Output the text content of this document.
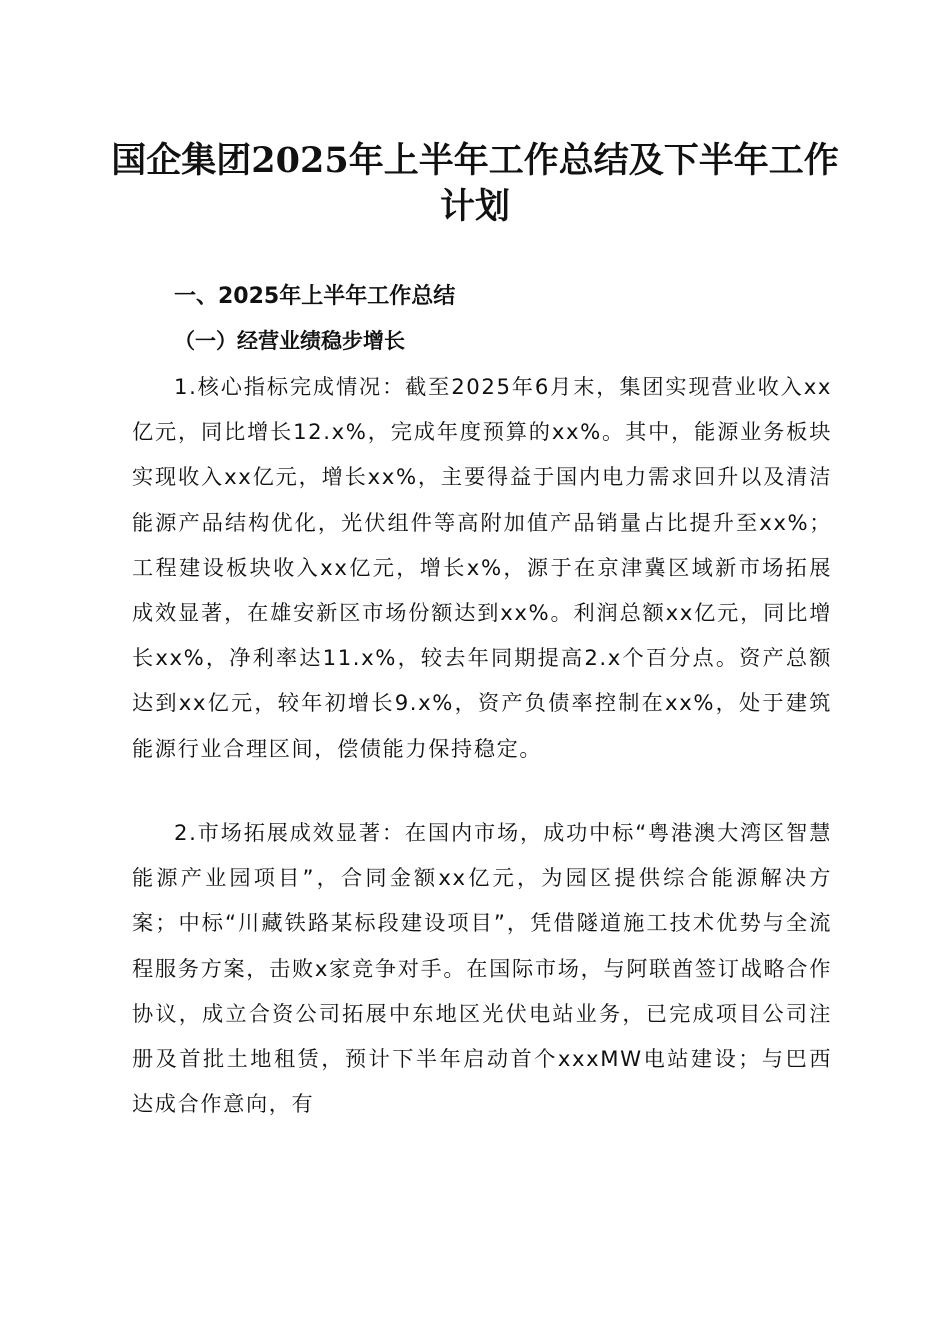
国企集团2025年上半年工作总结及下半年工作计划
一、2025年上半年工作总结
（一）经营业绩稳步增长

1.核心指标完成情况：截至2025年6月末，集团实现营业收入xx亿元，同比增长12.x%，完成年度预算的xx%。其中，能源业务板块实现收入xx亿元，增长xx%，主要得益于国内电力需求回升以及清洁能源产品结构优化，光伏组件等高附加值产品销量占比提升至xx%；工程建设板块收入xx亿元，增长x%，源于在京津冀区域新市场拓展成效显著，在雄安新区市场份额达到xx%。利润总额xx亿元，同比增长xx%，净利率达11.x%，较去年同期提高2.x个百分点。资产总额达到xx亿元，较年初增长9.x%，资产负债率控制在xx%，处于建筑能源行业合理区间，偿债能力保持稳定。

2.市场拓展成效显著：在国内市场，成功中标“粤港澳大湾区智慧能源产业园项目”，合同金额xx亿元，为园区提供综合能源解决方案；中标“川藏铁路某标段建设项目”，凭借隧道施工技术优势与全流程服务方案，击败x家竞争对手。在国际市场，与阿联酋签订战略合作协议，成立合资公司拓展中东地区光伏电站业务，已完成项目公司注册及首批土地租赁，预计下半年启动首个xxxMW电站建设；与巴西达成合作意向，有
